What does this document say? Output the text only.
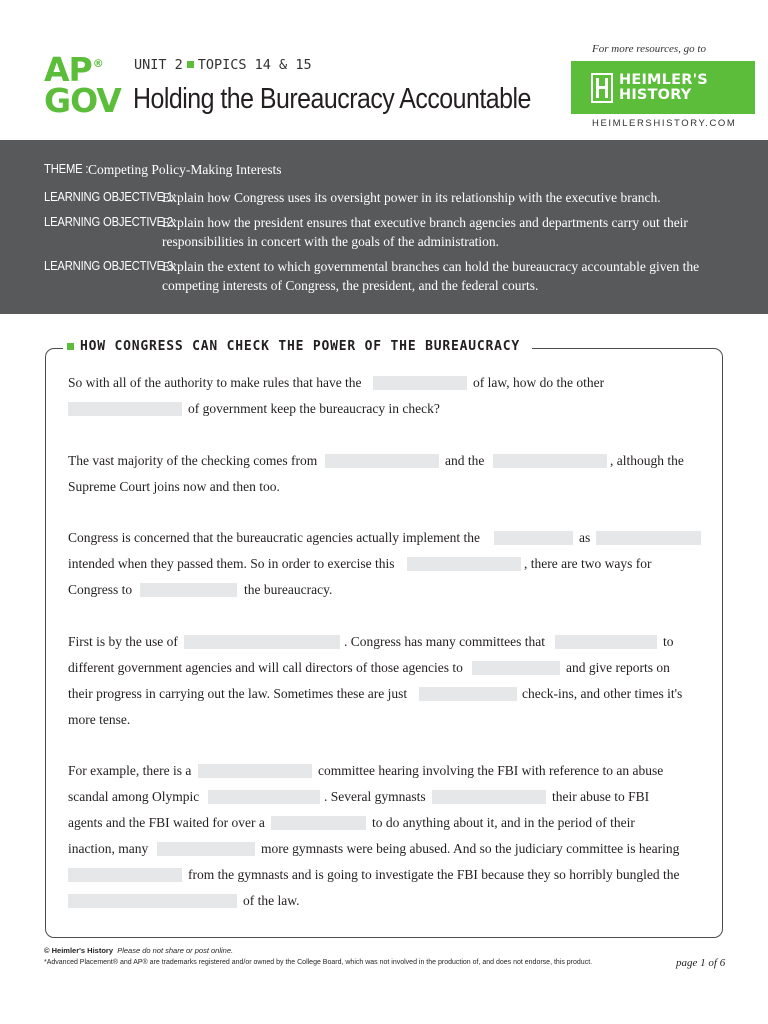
AP®
GOV
UNIT 2 TOPICS 14 & 15
Holding the Bureaucracy Accountable
For more resources, go to
HEIMLER'S
HISTORY
HEIMLERSHISTORY.COM
THEME : Competing Policy-Making Interests
LEARNING OBJECTIVE 1:
Explain how Congress uses its oversight power in its relationship with the executive branch.
LEARNING OBJECTIVE 2:
Explain how the president ensures that executive branch agencies and departments carry out their responsibilities in concert with the goals of the administration.
LEARNING OBJECTIVE 3:
Explain the extent to which governmental branches can hold the bureaucracy accountable given the competing interests of Congress, the president, and the federal courts.
HOW CONGRESS CAN CHECK THE POWER OF THE BUREAUCRACY
So with all of the authority to make rules that have the	of law, how do the other
of government keep the bureaucracy in check?
The vast majority of the checking comes from	and the	, although the
Supreme Court joins now and then too.
Congress is concerned that the bureaucratic agencies actually implement the	as
intended when they passed them. So in order to exercise this	, there are two ways for
Congress to	the bureaucracy.
First is by the use of	. Congress has many committees that	to
different government agencies and will call directors of those agencies to	and give reports on
their progress in carrying out the law. Sometimes these are just	check-ins, and other times it's
more tense.
For example, there is a	committee hearing involving the FBI with reference to an abuse
scandal among Olympic	. Several gymnasts	their abuse to FBI
agents and the FBI waited for over a	to do anything about it, and in the period of their
inaction, many	more gymnasts were being abused. And so the judiciary committee is hearing
from the gymnasts and is going to investigate the FBI because they so horribly bungled the
of the law.
© Heimler's History Please do not share or post online.
*Advanced Placement® and AP® are trademarks registered and/or owned by the College Board, which was not involved in the production of, and does not endorse, this product.	page 1 of 6
